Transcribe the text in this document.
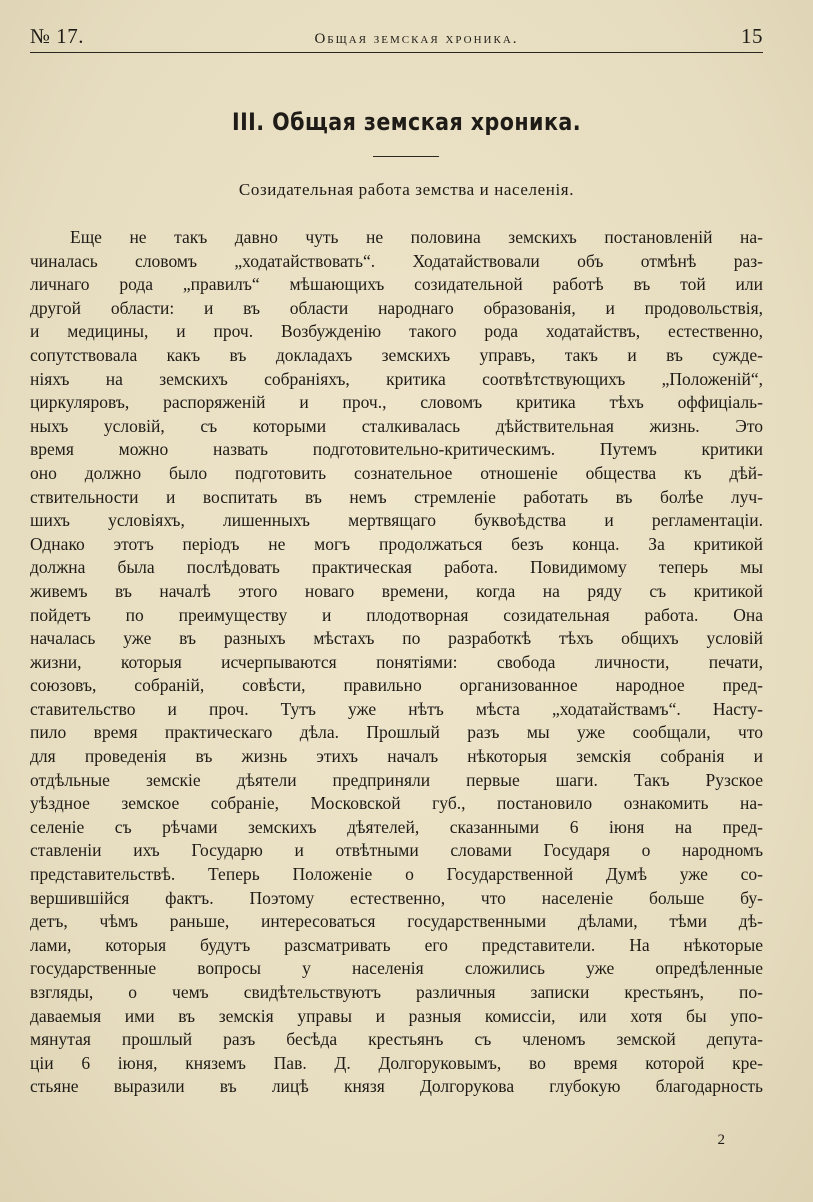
№ 17.	Общая земская хроника.	15
III. Общая земская хроника.
Созидательная работа земства и населенія.
Еще не такъ давно чуть не половина земскихъ постановленій на-
чиналась словомъ „ходатайствовать“. Ходатайствовали объ отмѣнѣ раз-
личнаго рода „правилъ“ мѣшающихъ созидательной работѣ въ той или
другой области: и въ области народнаго образованія, и продовольствія,
и медицины, и проч. Возбужденію такого рода ходатайствъ, естественно,
сопутствовала какъ въ докладахъ земскихъ управъ, такъ и въ сужде-
ніяхъ на земскихъ собраніяхъ, критика соотвѣтствующихъ „Положеній“,
циркуляровъ, распоряженій и проч., словомъ критика тѣхъ оффиціаль-
ныхъ условій, съ которыми сталкивалась дѣйствительная жизнь. Это
время можно назвать подготовительно-критическимъ. Путемъ критики
оно должно было подготовить сознательное отношеніе общества къ дѣй-
ствительности и воспитать въ немъ стремленіе работать въ болѣе луч-
шихъ условіяхъ, лишенныхъ мертвящаго буквоѣдства и регламентаціи.
Однако этотъ періодъ не могъ продолжаться безъ конца. За критикой
должна была послѣдовать практическая работа. Повидимому теперь мы
живемъ въ началѣ этого новаго времени, когда на ряду съ критикой
пойдетъ по преимуществу и плодотворная созидательная работа. Она
началась уже въ разныхъ мѣстахъ по разработкѣ тѣхъ общихъ условій
жизни, которыя исчерпываются понятіями: свобода личности, печати,
союзовъ, собраній, совѣсти, правильно организованное народное пред-
ставительство и проч. Тутъ уже нѣтъ мѣста „ходатайствамъ“. Насту-
пило время практическаго дѣла. Прошлый разъ мы уже сообщали, что
для проведенія въ жизнь этихъ началъ нѣкоторыя земскія собранія и
отдѣльные земскіе дѣятели предприняли первые шаги. Такъ Рузское
уѣздное земское собраніе, Московской губ., постановило ознакомить на-
селеніе съ рѣчами земскихъ дѣятелей, сказанными 6 іюня на пред-
ставленіи ихъ Государю и отвѣтными словами Государя о народномъ
представительствѣ. Теперь Положеніе о Государственной Думѣ уже со-
вершившійся фактъ. Поэтому естественно, что населеніе больше бу-
детъ, чѣмъ раньше, интересоваться государственными дѣлами, тѣми дѣ-
лами, которыя будутъ разсматривать его представители. На нѣкоторые
государственные вопросы у населенія сложились уже опредѣленные
взгляды, о чемъ свидѣтельствуютъ различныя записки крестьянъ, по-
даваемыя ими въ земскія управы и разныя комиссіи, или хотя бы упо-
мянутая прошлый разъ бесѣда крестьянъ съ членомъ земской депута-
ціи 6 іюня, княземъ Пав. Д. Долгоруковымъ, во время которой кре-
стьяне выразили въ лицѣ князя Долгорукова глубокую благодарность
2
